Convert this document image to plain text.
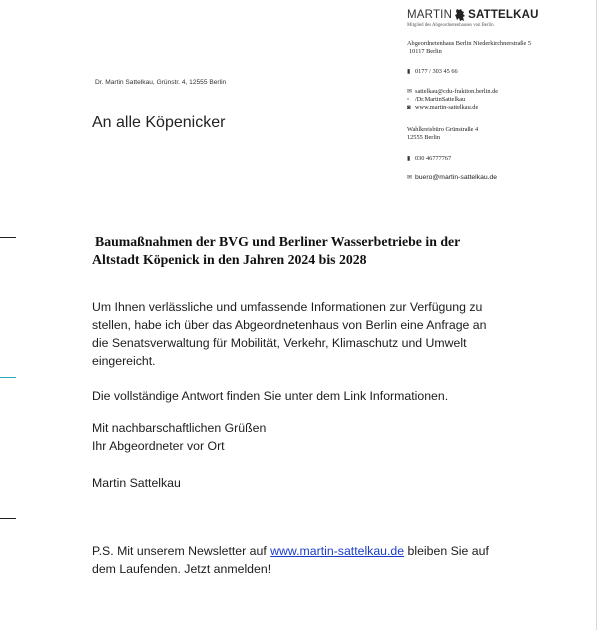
MARTIN SATTELKAU
Mitglied des Abgeordnetenhauses von Berlin
Abgeordnetenhaus Berlin Niederkirchnerstraße 5
10117 Berlin
▮ 0177 / 303 45 66
✉ sattelkau@cdu-fraktion.berlin.de
▫ /Dr.MartinSattelkau
◙ www.martin-sattelkau.de
Wahlkreisbüro Grünstraße 4
12555 Berlin
▮ 030 46777767
✉ buero@martin-sattelkau.de
Dr. Martin Sattelkau, Grünstr. 4, 12555 Berlin
An alle Köpenicker
Baumaßnahmen der BVG und Berliner Wasserbetriebe in der
Altstadt Köpenick in den Jahren 2024 bis 2028
Um Ihnen verlässliche und umfassende Informationen zur Verfügung zu
stellen, habe ich über das Abgeordnetenhaus von Berlin eine Anfrage an
die Senatsverwaltung für Mobilität, Verkehr, Klimaschutz und Umwelt
eingereicht.
Die vollständige Antwort finden Sie unter dem Link Informationen.
Mit nachbarschaftlichen Grüßen
Ihr Abgeordneter vor Ort
Martin Sattelkau
P.S. Mit unserem Newsletter auf www.martin-sattelkau.de bleiben Sie auf
dem Laufenden. Jetzt anmelden!
